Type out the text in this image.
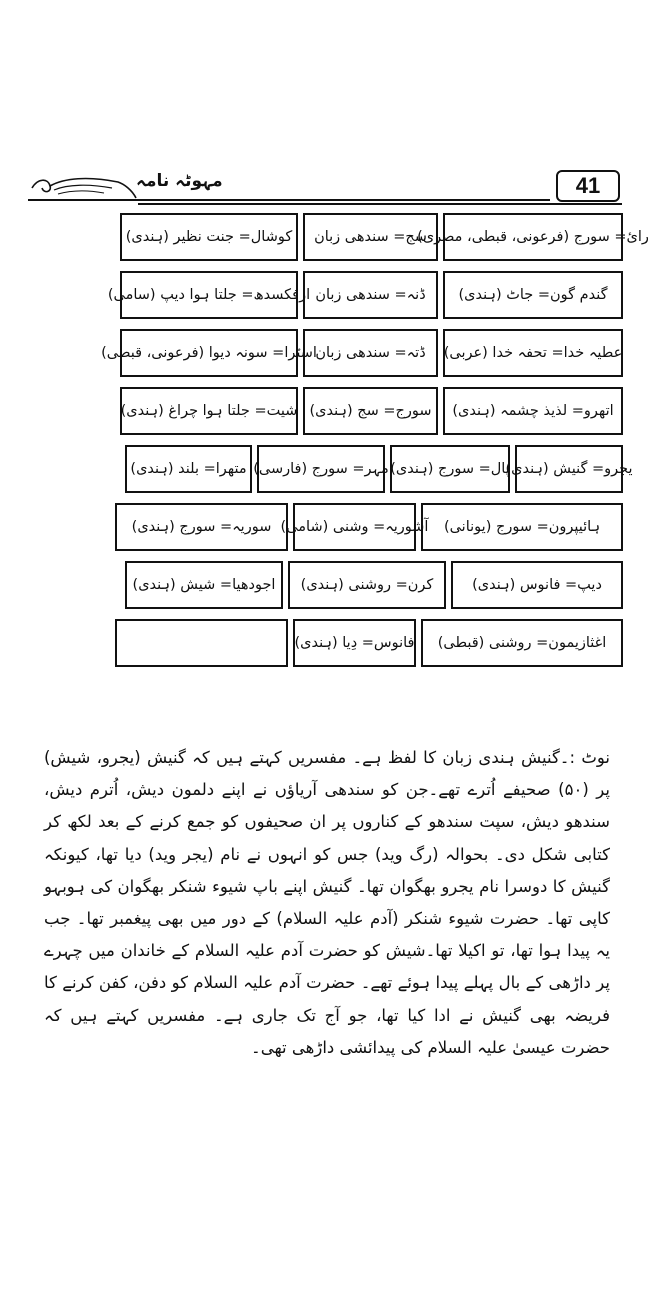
مہوٹہ نامہ	41
رائ= سورج (فرعونی، قبطی، مصری)
سج= سندھی زبان
کوشال= جنت نظیر (ہندی)
گندم گون= جاٹ (ہندی)
ڈنہ= سندھی زبان
ارفکسدھ= جلتا ہوا دیپ (سامی)
عطیہ خدا= تحفہ خدا (عربی)
ڈتہ= سندھی زبان
اسٹرا= سونہ دیوا (فرعونی، قبطی)
اتھرو= لذیذ چشمہ (ہندی)
سورج= سج (ہندی)
شیت= جلتا ہوا چراغ (ہندی)
یجرو= گنیش (ہندی)
پال= سورج (ہندی)
مہر= سورج (فارسی)
متھرا= بلند (ہندی)
ہائیپرون= سورج (یونانی)
آشوریہ= وشنی (شامی)
سوریہ= سورج (ہندی)
دیپ= فانوس (ہندی)
کرن= روشنی (ہندی)
اجودھیا= شیش (ہندی)
اغثازیمون= روشنی (قبطی)
فانوس= دِیا (ہندی)
نوٹ :۔گنیش ہندی زبان کا لفظ ہے۔ مفسریں کہتے ہیں کہ گنیش (یجرو، شیش) پر (۵۰) صحیفے اُترے تھے۔جن کو سندھی آریاؤں نے اپنے دلمون دیش، اُترم دیش، سندھو دیش، سپت سندھو کے کناروں پر ان صحیفوں کو جمع کرنے کے بعد لکھ کر کتابی شکل دی۔ بحوالہ (رگ وید) جس کو انہوں نے نام (یجر وید) دیا تھا، کیونکہ گنیش کا دوسرا نام یجرو بھگوان تھا۔ گنیش اپنے باپ شیوء شنکر بھگوان کی ہوبہو کاپی تھا۔ حضرت شیوء شنکر (آدم علیہ السلام) کے دور میں بھی پیغمبر تھا۔ جب یہ پیدا ہوا تھا، تو اکیلا تھا۔شیش کو حضرت آدم علیہ السلام کے خاندان میں چہرے پر داڑھی کے بال پہلے پیدا ہوئے تھے۔ حضرت آدم علیہ السلام کو دفن، کفن کرنے کا فریضہ بھی گنیش نے ادا کیا تھا، جو آج تک جاری ہے۔ مفسریں کہتے ہیں کہ حضرت عیسیٰ علیہ السلام کی پیدائشی داڑھی تھی۔
